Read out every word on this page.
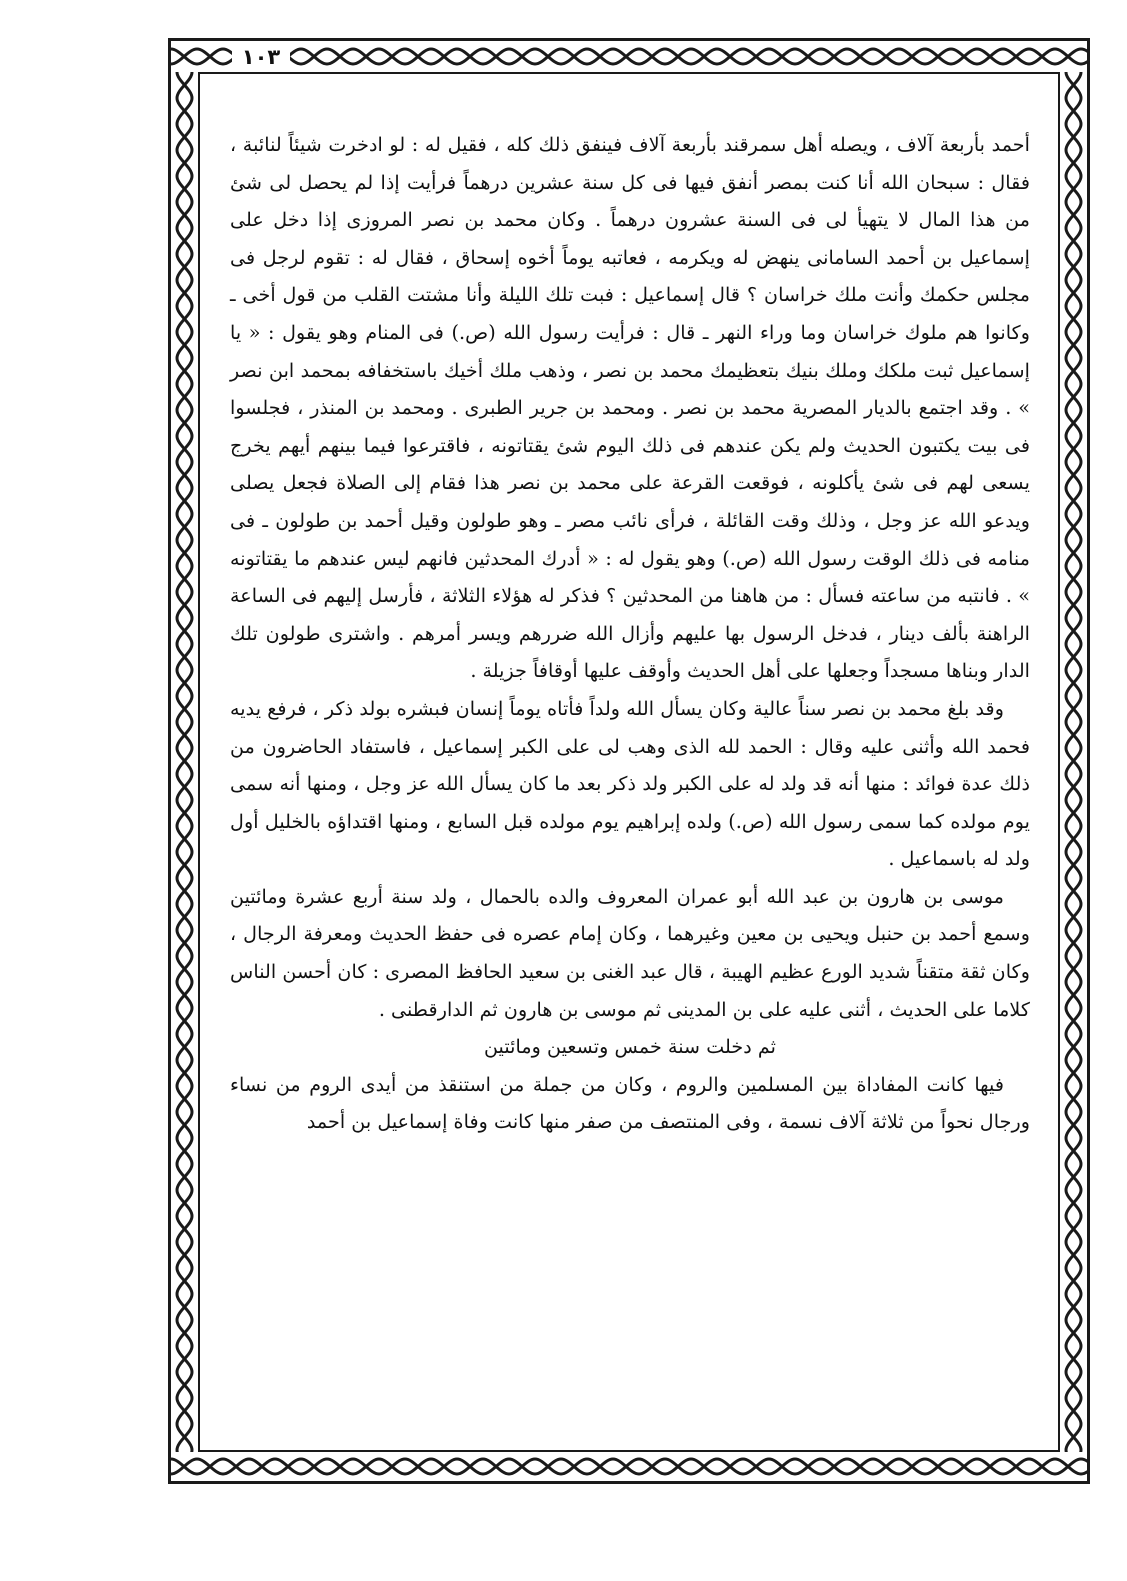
١٠٣

أحمد بأربعة آلاف ، ويصله أهل سمرقند بأربعة آلاف فينفق ذلك كله ، فقيل له : لو ادخرت شيئاً لنائبة ، فقال : سبحان الله أنا كنت بمصر أنفق فيها فى كل سنة عشرين درهماً فرأيت إذا لم يحصل لى شئ من هذا المال لا يتهيأ لى فى السنة عشرون درهماً . وكان محمد بن نصر المروزى إذا دخل على إسماعيل بن أحمد السامانى ينهض له ويكرمه ، فعاتبه يوماً أخوه إسحاق ، فقال له : تقوم لرجل فى مجلس حكمك وأنت ملك خراسان ؟ قال إسماعيل : فبت تلك الليلة وأنا مشتت القلب من قول أخى ـ وكانوا هم ملوك خراسان وما وراء النهر ـ قال : فرأيت رسول الله (ص.) فى المنام وهو يقول : « يا إسماعيل ثبت ملكك وملك بنيك بتعظيمك محمد بن نصر ، وذهب ملك أخيك باستخفافه بمحمد ابن نصر » . وقد اجتمع بالديار المصرية محمد بن نصر . ومحمد بن جرير الطبرى . ومحمد بن المنذر ، فجلسوا فى بيت يكتبون الحديث ولم يكن عندهم فى ذلك اليوم شئ يقتاتونه ، فاقترعوا فيما بينهم أيهم يخرج يسعى لهم فى شئ يأكلونه ، فوقعت القرعة على محمد بن نصر هذا فقام إلى الصلاة فجعل يصلى ويدعو الله عز وجل ، وذلك وقت القائلة ، فرأى نائب مصر ـ وهو طولون وقيل أحمد بن طولون ـ فى منامه فى ذلك الوقت رسول الله (ص.) وهو يقول له : « أدرك المحدثين فانهم ليس عندهم ما يقتاتونه » . فانتبه من ساعته فسأل : من هاهنا من المحدثين ؟ فذكر له هؤلاء الثلاثة ، فأرسل إليهم فى الساعة الراهنة بألف دينار ، فدخل الرسول بها عليهم وأزال الله ضررهم ويسر أمرهم . واشترى طولون تلك الدار وبناها مسجداً وجعلها على أهل الحديث وأوقف عليها أوقافاً جزيلة .

وقد بلغ محمد بن نصر سناً عالية وكان يسأل الله ولداً فأتاه يوماً إنسان فبشره بولد ذكر ، فرفع يديه فحمد الله وأثنى عليه وقال : الحمد لله الذى وهب لى على الكبر إسماعيل ، فاستفاد الحاضرون من ذلك عدة فوائد : منها أنه قد ولد له على الكبر ولد ذكر بعد ما كان يسأل الله عز وجل ، ومنها أنه سمى يوم مولده كما سمى رسول الله (ص.) ولده إبراهيم يوم مولده قبل السابع ، ومنها اقتداؤه بالخليل أول ولد له باسماعيل .

موسى بن هارون بن عبد الله أبو عمران المعروف والده بالحمال ، ولد سنة أربع عشرة ومائتين وسمع أحمد بن حنبل ويحيى بن معين وغيرهما ، وكان إمام عصره فى حفظ الحديث ومعرفة الرجال ، وكان ثقة متقناً شديد الورع عظيم الهيبة ، قال عبد الغنى بن سعيد الحافظ المصرى : كان أحسن الناس كلاما على الحديث ، أثنى عليه على بن المدينى ثم موسى بن هارون ثم الدارقطنى .

ثم دخلت سنة خمس وتسعين ومائتين

فيها كانت المفاداة بين المسلمين والروم ، وكان من جملة من استنقذ من أيدى الروم من نساء ورجال نحواً من ثلاثة آلاف نسمة ، وفى المنتصف من صفر منها كانت وفاة إسماعيل بن أحمد
